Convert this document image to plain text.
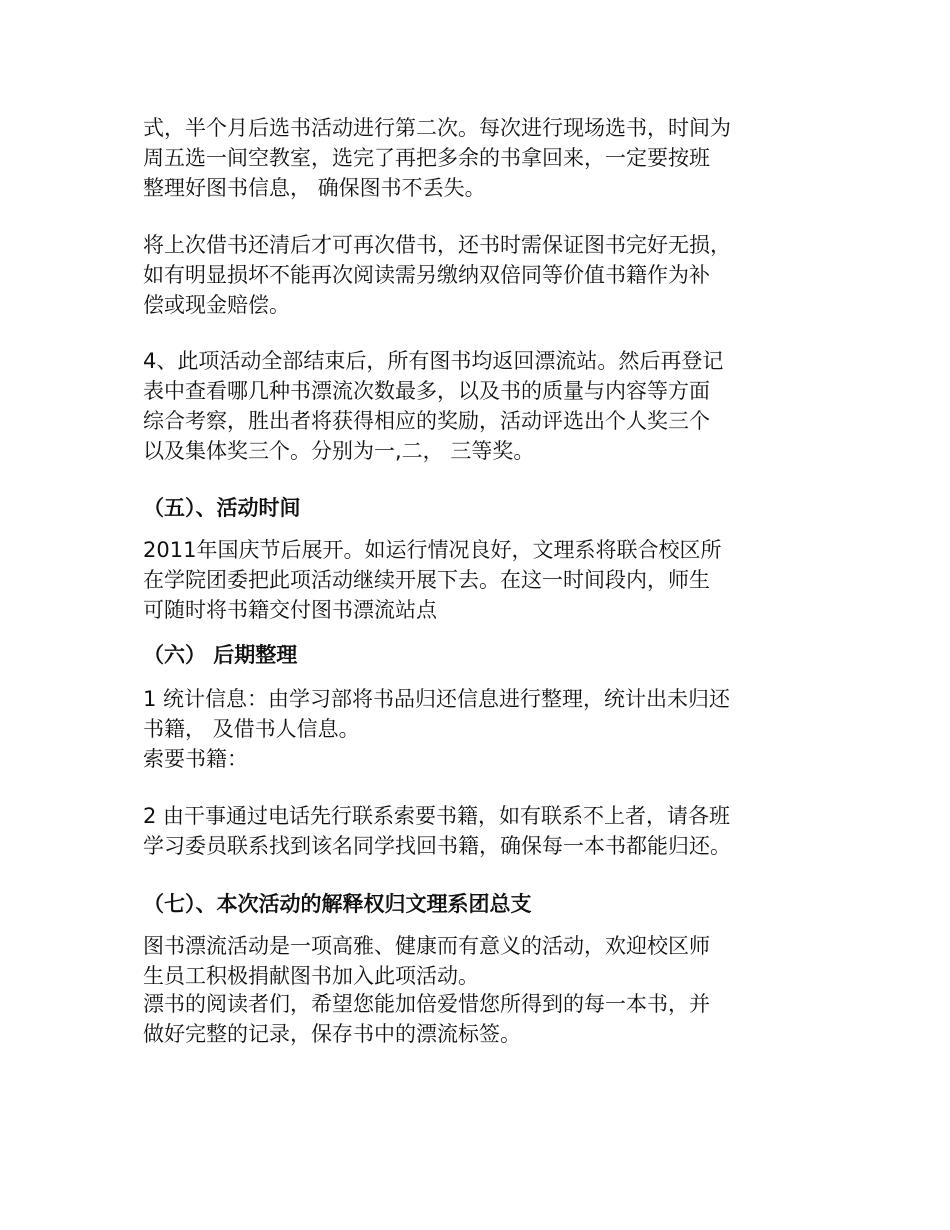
式，半个月后选书活动进行第二次。每次进行现场选书，时间为
周五选一间空教室，选完了再把多余的书拿回来，一定要按班
整理好图书信息， 确保图书不丢失。
将上次借书还清后才可再次借书，还书时需保证图书完好无损，
如有明显损坏不能再次阅读需另缴纳双倍同等价值书籍作为补
偿或现金赔偿。
4、此项活动全部结束后，所有图书均返回漂流站。然后再登记
表中查看哪几种书漂流次数最多，以及书的质量与内容等方面
综合考察，胜出者将获得相应的奖励，活动评选出个人奖三个
以及集体奖三个。分别为一,二， 三等奖。
（五）、活动时间
2011年国庆节后展开。如运行情况良好，文理系将联合校区所
在学院团委把此项活动继续开展下去。在这一时间段内，师生
可随时将书籍交付图书漂流站点
（六） 后期整理
1 统计信息：由学习部将书品归还信息进行整理，统计出未归还
书籍， 及借书人信息。
索要书籍：
2 由干事通过电话先行联系索要书籍，如有联系不上者，请各班
学习委员联系找到该名同学找回书籍，确保每一本书都能归还。
（七）、本次活动的解释权归文理系团总支
图书漂流活动是一项高雅、健康而有意义的活动，欢迎校区师
生员工积极捐献图书加入此项活动。
漂书的阅读者们，希望您能加倍爱惜您所得到的每一本书，并
做好完整的记录，保存书中的漂流标签。
